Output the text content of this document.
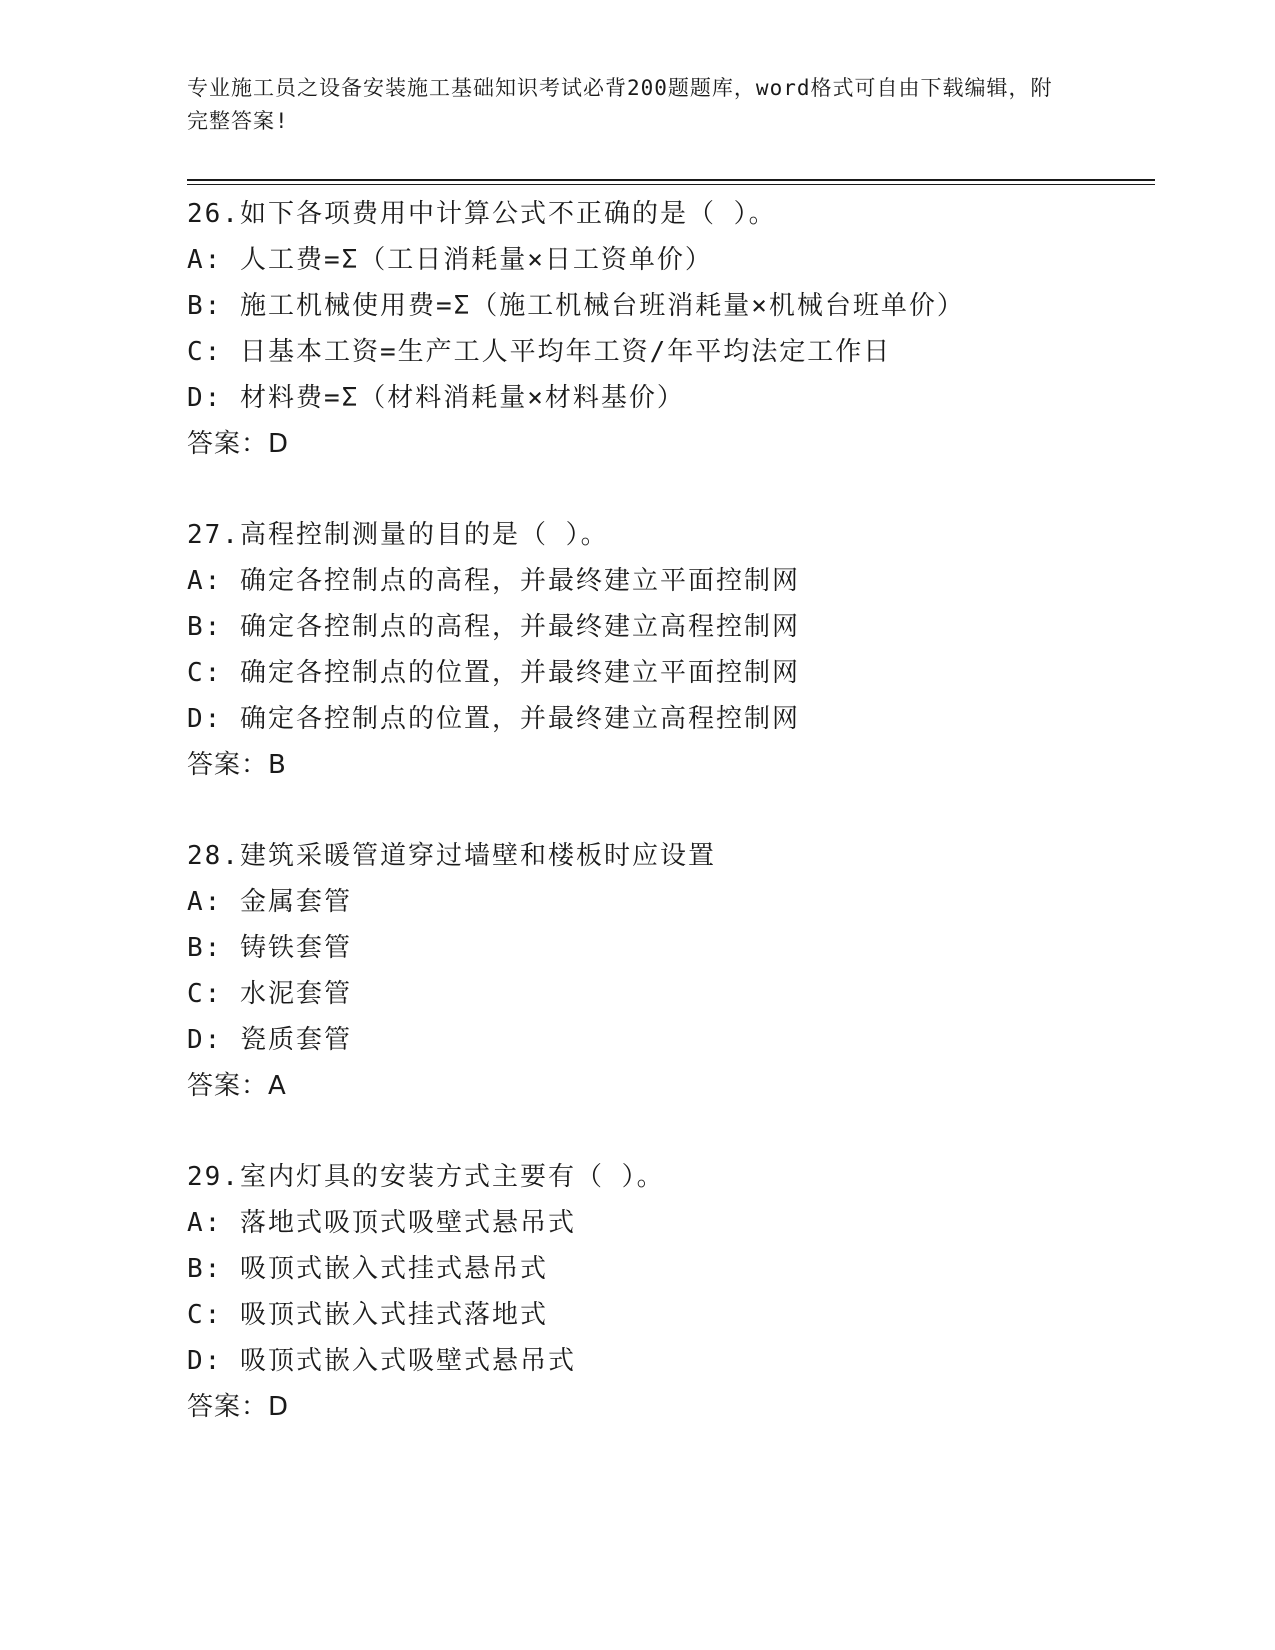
专业施工员之设备安装施工基础知识考试必背200题题库，word格式可自由下载编辑，附完整答案!
26.如下各项费用中计算公式不正确的是（ ）。
A: 人工费=Σ（工日消耗量×日工资单价）
B: 施工机械使用费=Σ（施工机械台班消耗量×机械台班单价）
C: 日基本工资=生产工人平均年工资/年平均法定工作日
D: 材料费=Σ（材料消耗量×材料基价）
答案：D
27.高程控制测量的目的是（ ）。
A: 确定各控制点的高程，并最终建立平面控制网
B: 确定各控制点的高程，并最终建立高程控制网
C: 确定各控制点的位置，并最终建立平面控制网
D: 确定各控制点的位置，并最终建立高程控制网
答案：B
28.建筑采暖管道穿过墙壁和楼板时应设置
A: 金属套管
B: 铸铁套管
C: 水泥套管
D: 瓷质套管
答案：A
29.室内灯具的安装方式主要有（ ）。
A: 落地式吸顶式吸壁式悬吊式
B: 吸顶式嵌入式挂式悬吊式
C: 吸顶式嵌入式挂式落地式
D: 吸顶式嵌入式吸壁式悬吊式
答案：D
